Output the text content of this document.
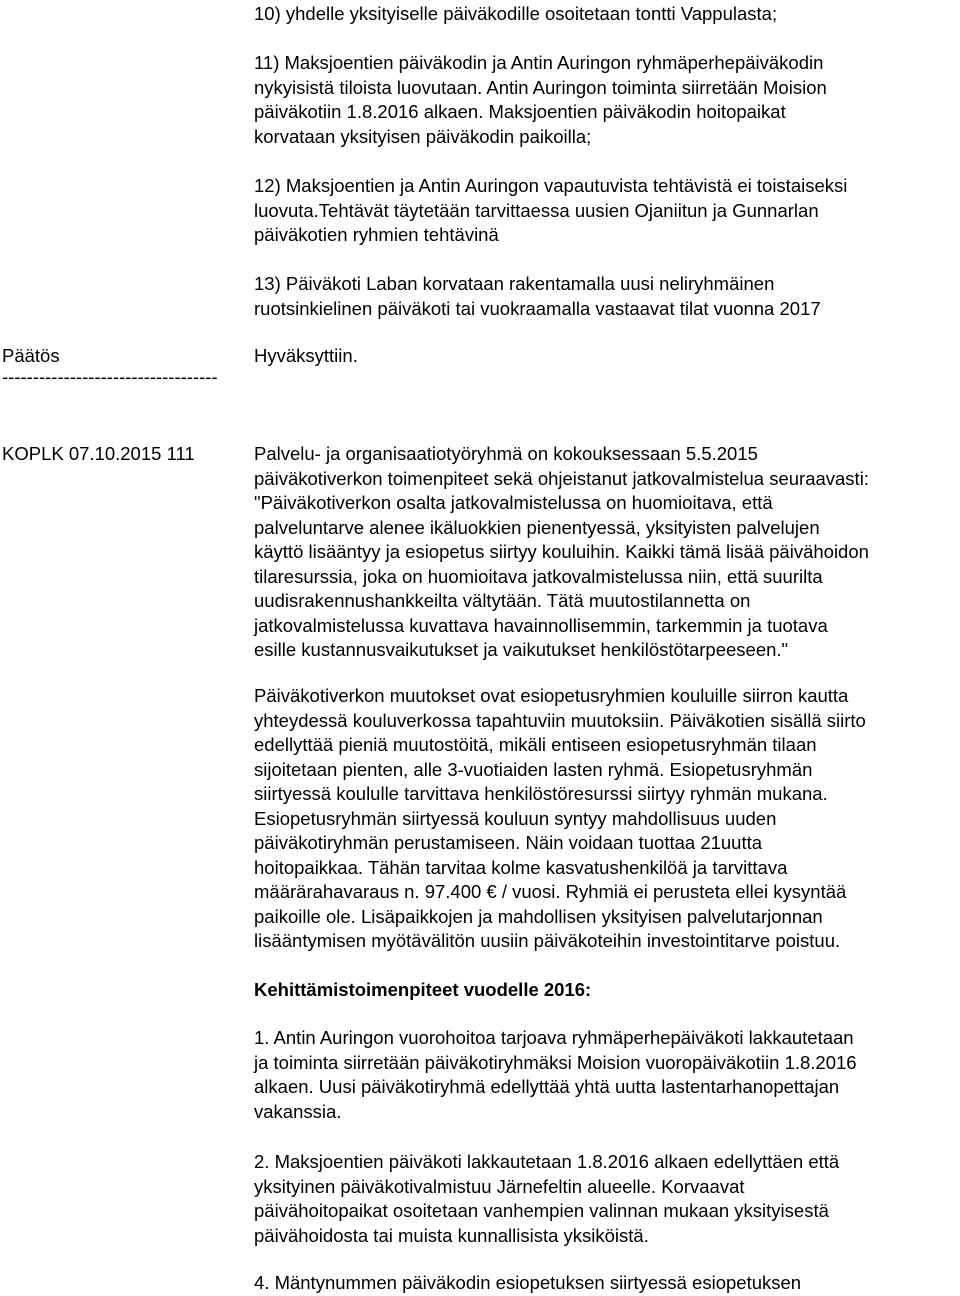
10) yhdelle yksityiselle päiväkodille osoitetaan tontti Vappulasta;
11) Maksjoentien päiväkodin ja Antin Auringon ryhmäperhepäiväkodin
nykyisistä tiloista luovutaan. Antin Auringon toiminta siirretään Moision
päiväkotiin 1.8.2016 alkaen. Maksjoentien päiväkodin hoitopaikat
korvataan yksityisen päiväkodin paikoilla;
12) Maksjoentien ja Antin Auringon vapautuvista tehtävistä ei toistaiseksi
luovuta.Tehtävät täytetään tarvittaessa uusien Ojaniitun ja Gunnarlan
päiväkotien ryhmien tehtävinä
13) Päiväkoti Laban korvataan rakentamalla uusi neliryhmäinen
ruotsinkielinen päiväkoti tai vuokraamalla vastaavat tilat vuonna 2017
Päätös	Hyväksyttiin.
-----------------------------------
KOPLK 07.10.2015 111	Palvelu- ja organisaatiotyöryhmä on kokouksessaan 5.5.2015
päiväkotiverkon toimenpiteet sekä ohjeistanut jatkovalmistelua seuraavasti:
"Päiväkotiverkon osalta jatkovalmistelussa on huomioitava, että
palveluntarve alenee ikäluokkien pienentyessä, yksityisten palvelujen
käyttö lisääntyy ja esiopetus siirtyy kouluihin. Kaikki tämä lisää päivähoidon
tilaresurssia, joka on huomioitava jatkovalmistelussa niin, että suurilta
uudisrakennushankkeilta vältytään. Tätä muutostilannetta on
jatkovalmistelussa kuvattava havainnollisemmin, tarkemmin ja tuotava
esille kustannusvaikutukset ja vaikutukset henkilöstötarpeeseen."
Päiväkotiverkon muutokset ovat esiopetusryhmien kouluille siirron kautta
yhteydessä kouluverkossa tapahtuviin muutoksiin. Päiväkotien sisällä siirto
edellyttää pieniä muutostöitä, mikäli entiseen esiopetusryhmän tilaan
sijoitetaan pienten, alle 3-vuotiaiden lasten ryhmä. Esiopetusryhmän
siirtyessä koululle tarvittava henkilöstöresurssi siirtyy ryhmän mukana.
Esiopetusryhmän siirtyessä kouluun syntyy mahdollisuus uuden
päiväkotiryhmän perustamiseen. Näin voidaan tuottaa 21uutta
hoitopaikkaa. Tähän tarvitaa kolme kasvatushenkilöä ja tarvittava
määrärahavaraus n. 97.400 € / vuosi. Ryhmiä ei perusteta ellei kysyntää
paikoille ole. Lisäpaikkojen ja mahdollisen yksityisen palvelutarjonnan
lisääntymisen myötävälitön uusiin päiväkoteihin investointitarve poistuu.
Kehittämistoimenpiteet vuodelle 2016:
1. Antin Auringon vuorohoitoa tarjoava ryhmäperhepäiväkoti lakkautetaan
ja toiminta siirretään päiväkotiryhmäksi Moision vuoropäiväkotiin 1.8.2016
alkaen. Uusi päiväkotiryhmä edellyttää yhtä uutta lastentarhanopettajan
vakanssia.
2. Maksjoentien päiväkoti lakkautetaan 1.8.2016 alkaen edellyttäen että
yksityinen päiväkotivalmistuu Järnefeltin alueelle. Korvaavat
päivähoitopaikat osoitetaan vanhempien valinnan mukaan yksityisestä
päivähoidosta tai muista kunnallisista yksiköistä.
4. Mäntynummen päiväkodin esiopetuksen siirtyessä esiopetuksen
